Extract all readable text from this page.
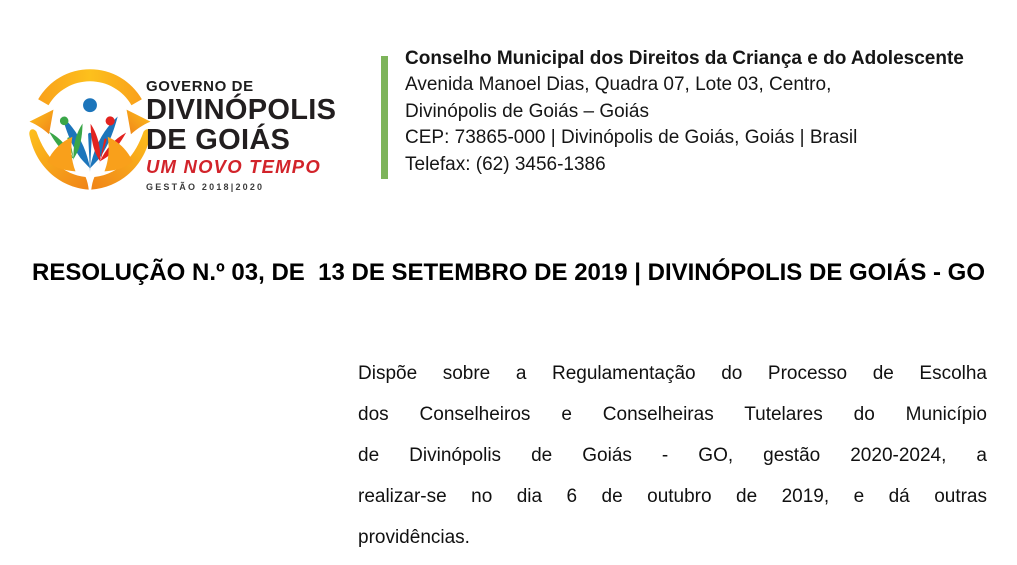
GOVERNO DE
DIVINÓPOLIS
DE GOIÁS
UM NOVO TEMPO
GESTÃO 2018|2020
Conselho Municipal dos Direitos da Criança e do Adolescente
Avenida Manoel Dias, Quadra 07, Lote 03, Centro,
Divinópolis de Goiás – Goiás
CEP: 73865-000 | Divinópolis de Goiás, Goiás | Brasil
Telefax: (62) 3456-1386
RESOLUÇÃO N.º 03, DE  13 DE SETEMBRO DE 2019 | DIVINÓPOLIS DE GOIÁS - GO
Dispõe sobre a Regulamentação do Processo de Escolha
dos Conselheiros e Conselheiras Tutelares do Município
de Divinópolis de Goiás - GO, gestão 2020-2024, a
realizar-se no dia 6 de outubro de 2019, e dá outras
providências.
